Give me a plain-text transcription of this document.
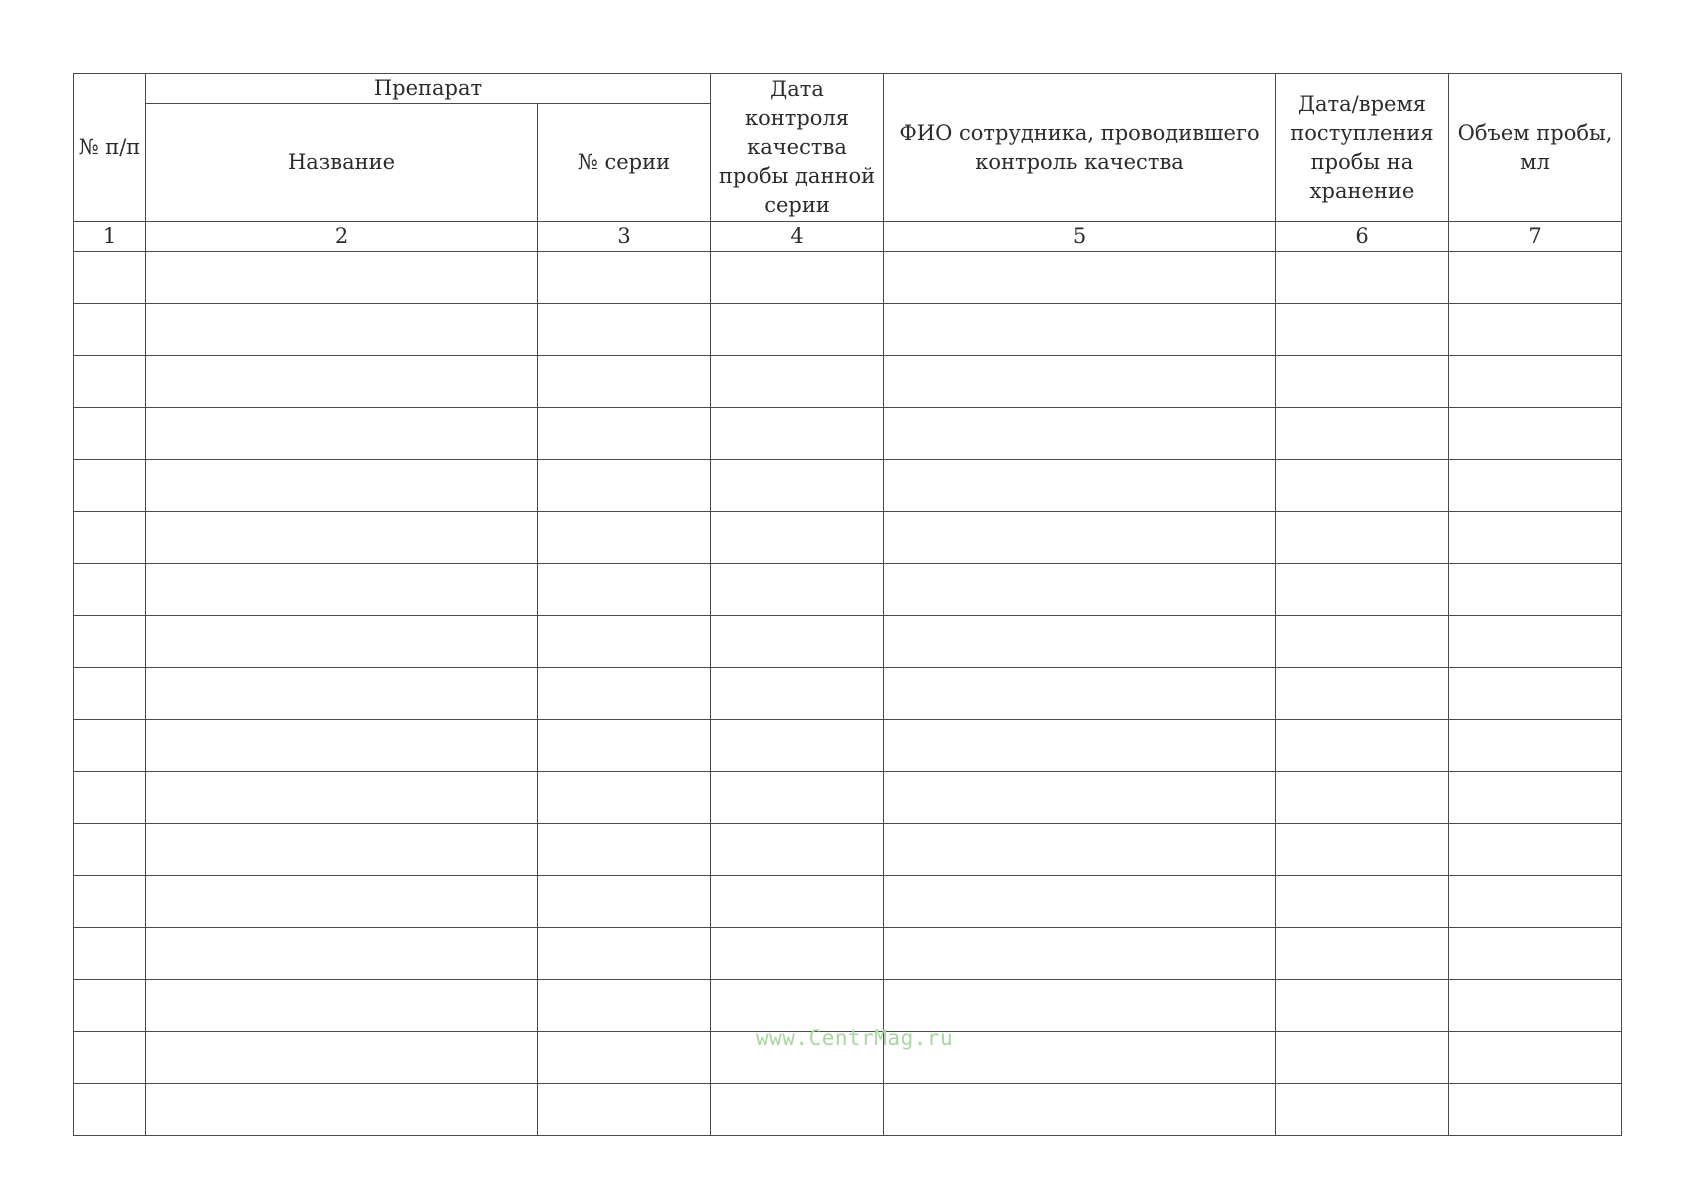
№ п/п	Препарат		Дата контроля качества пробы данной серии	ФИО сотрудника, проводившего контроль качества	Дата/время поступления пробы на хранение	Объем пробы, мл
	Название	№ серии				
1	2	3	4	5	6	7

www.CentrMag.ru
